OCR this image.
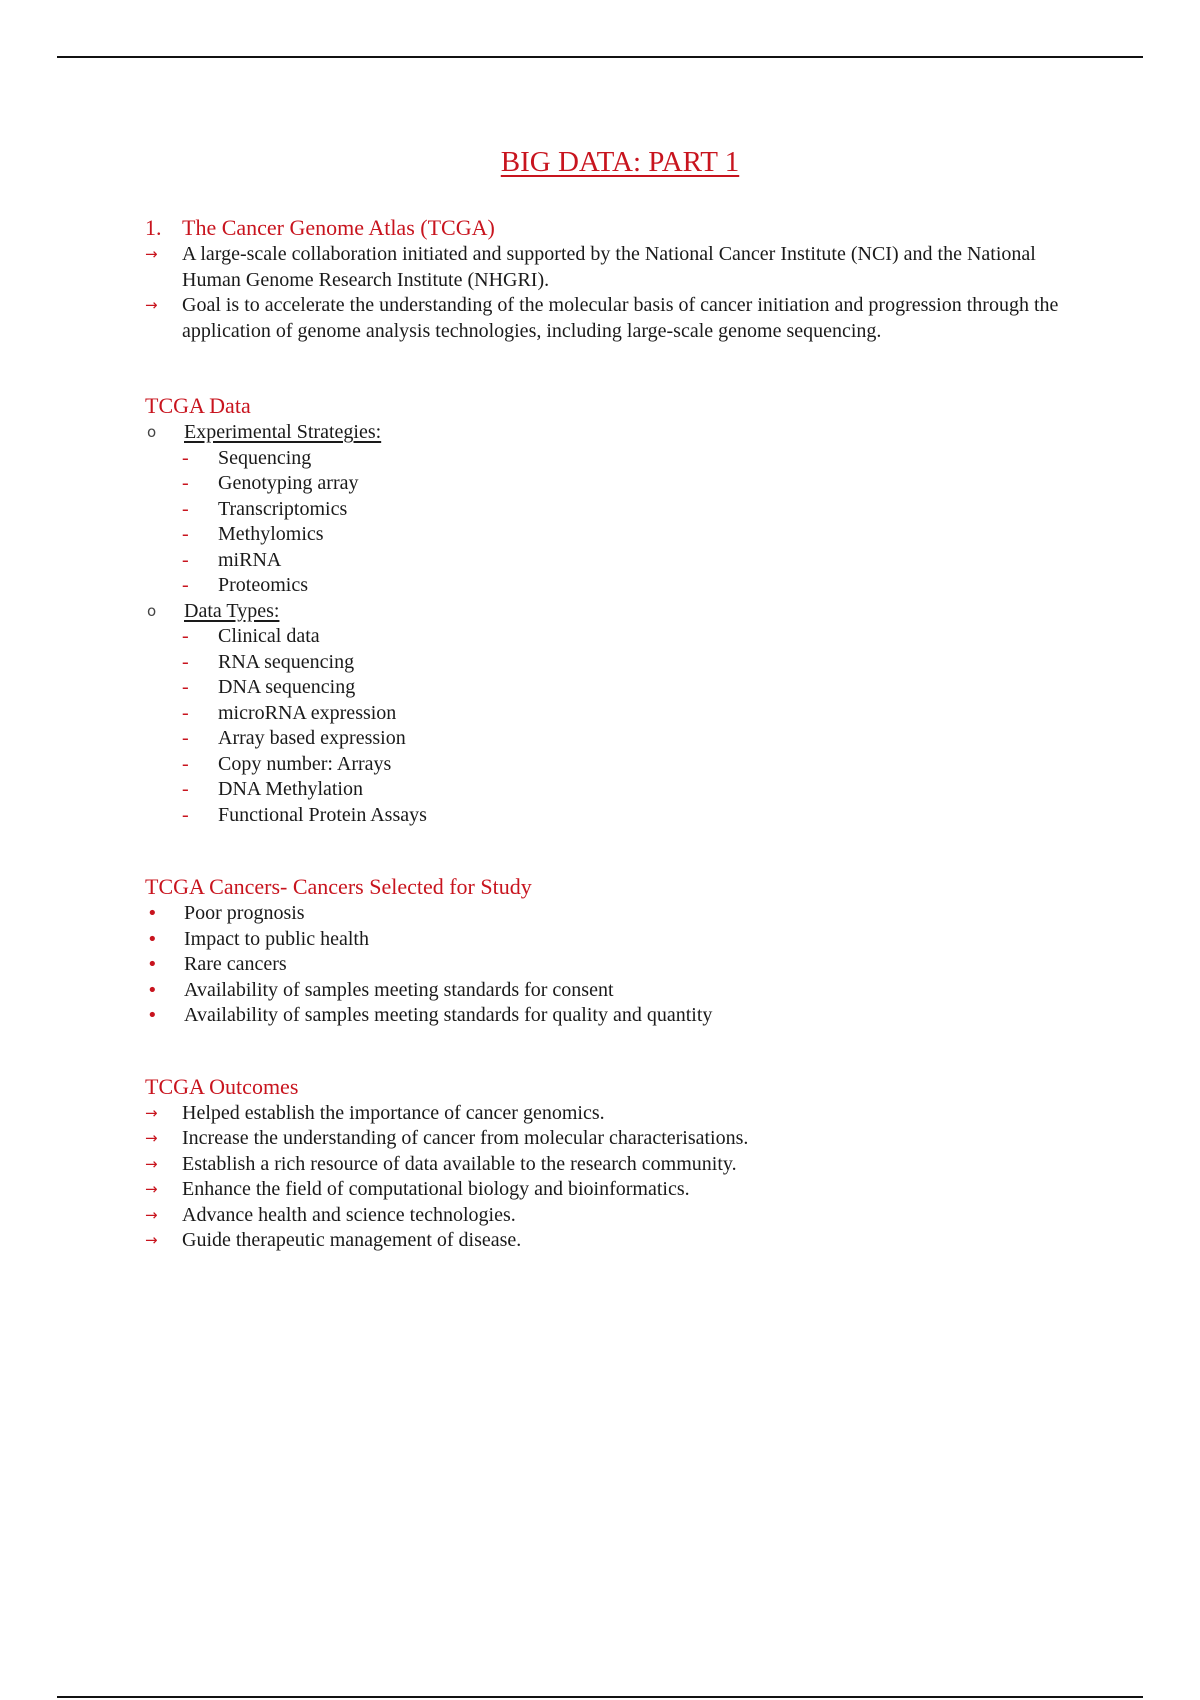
BIG DATA: PART 1
1. The Cancer Genome Atlas (TCGA)
→	A large-scale collaboration initiated and supported by the National Cancer Institute (NCI) and the National Human Genome Research Institute (NHGRI).
→	Goal is to accelerate the understanding of the molecular basis of cancer initiation and progression through the application of genome analysis technologies, including large-scale genome sequencing.
TCGA Data
o	Experimental Strategies:
-	Sequencing
-	Genotyping array
-	Transcriptomics
-	Methylomics
-	miRNA
-	Proteomics
o	Data Types:
-	Clinical data
-	RNA sequencing
-	DNA sequencing
-	microRNA expression
-	Array based expression
-	Copy number: Arrays
-	DNA Methylation
-	Functional Protein Assays
TCGA Cancers- Cancers Selected for Study
•	Poor prognosis
•	Impact to public health
•	Rare cancers
•	Availability of samples meeting standards for consent
•	Availability of samples meeting standards for quality and quantity
TCGA Outcomes
→	Helped establish the importance of cancer genomics.
→	Increase the understanding of cancer from molecular characterisations.
→	Establish a rich resource of data available to the research community.
→	Enhance the field of computational biology and bioinformatics.
→	Advance health and science technologies.
→	Guide therapeutic management of disease.
